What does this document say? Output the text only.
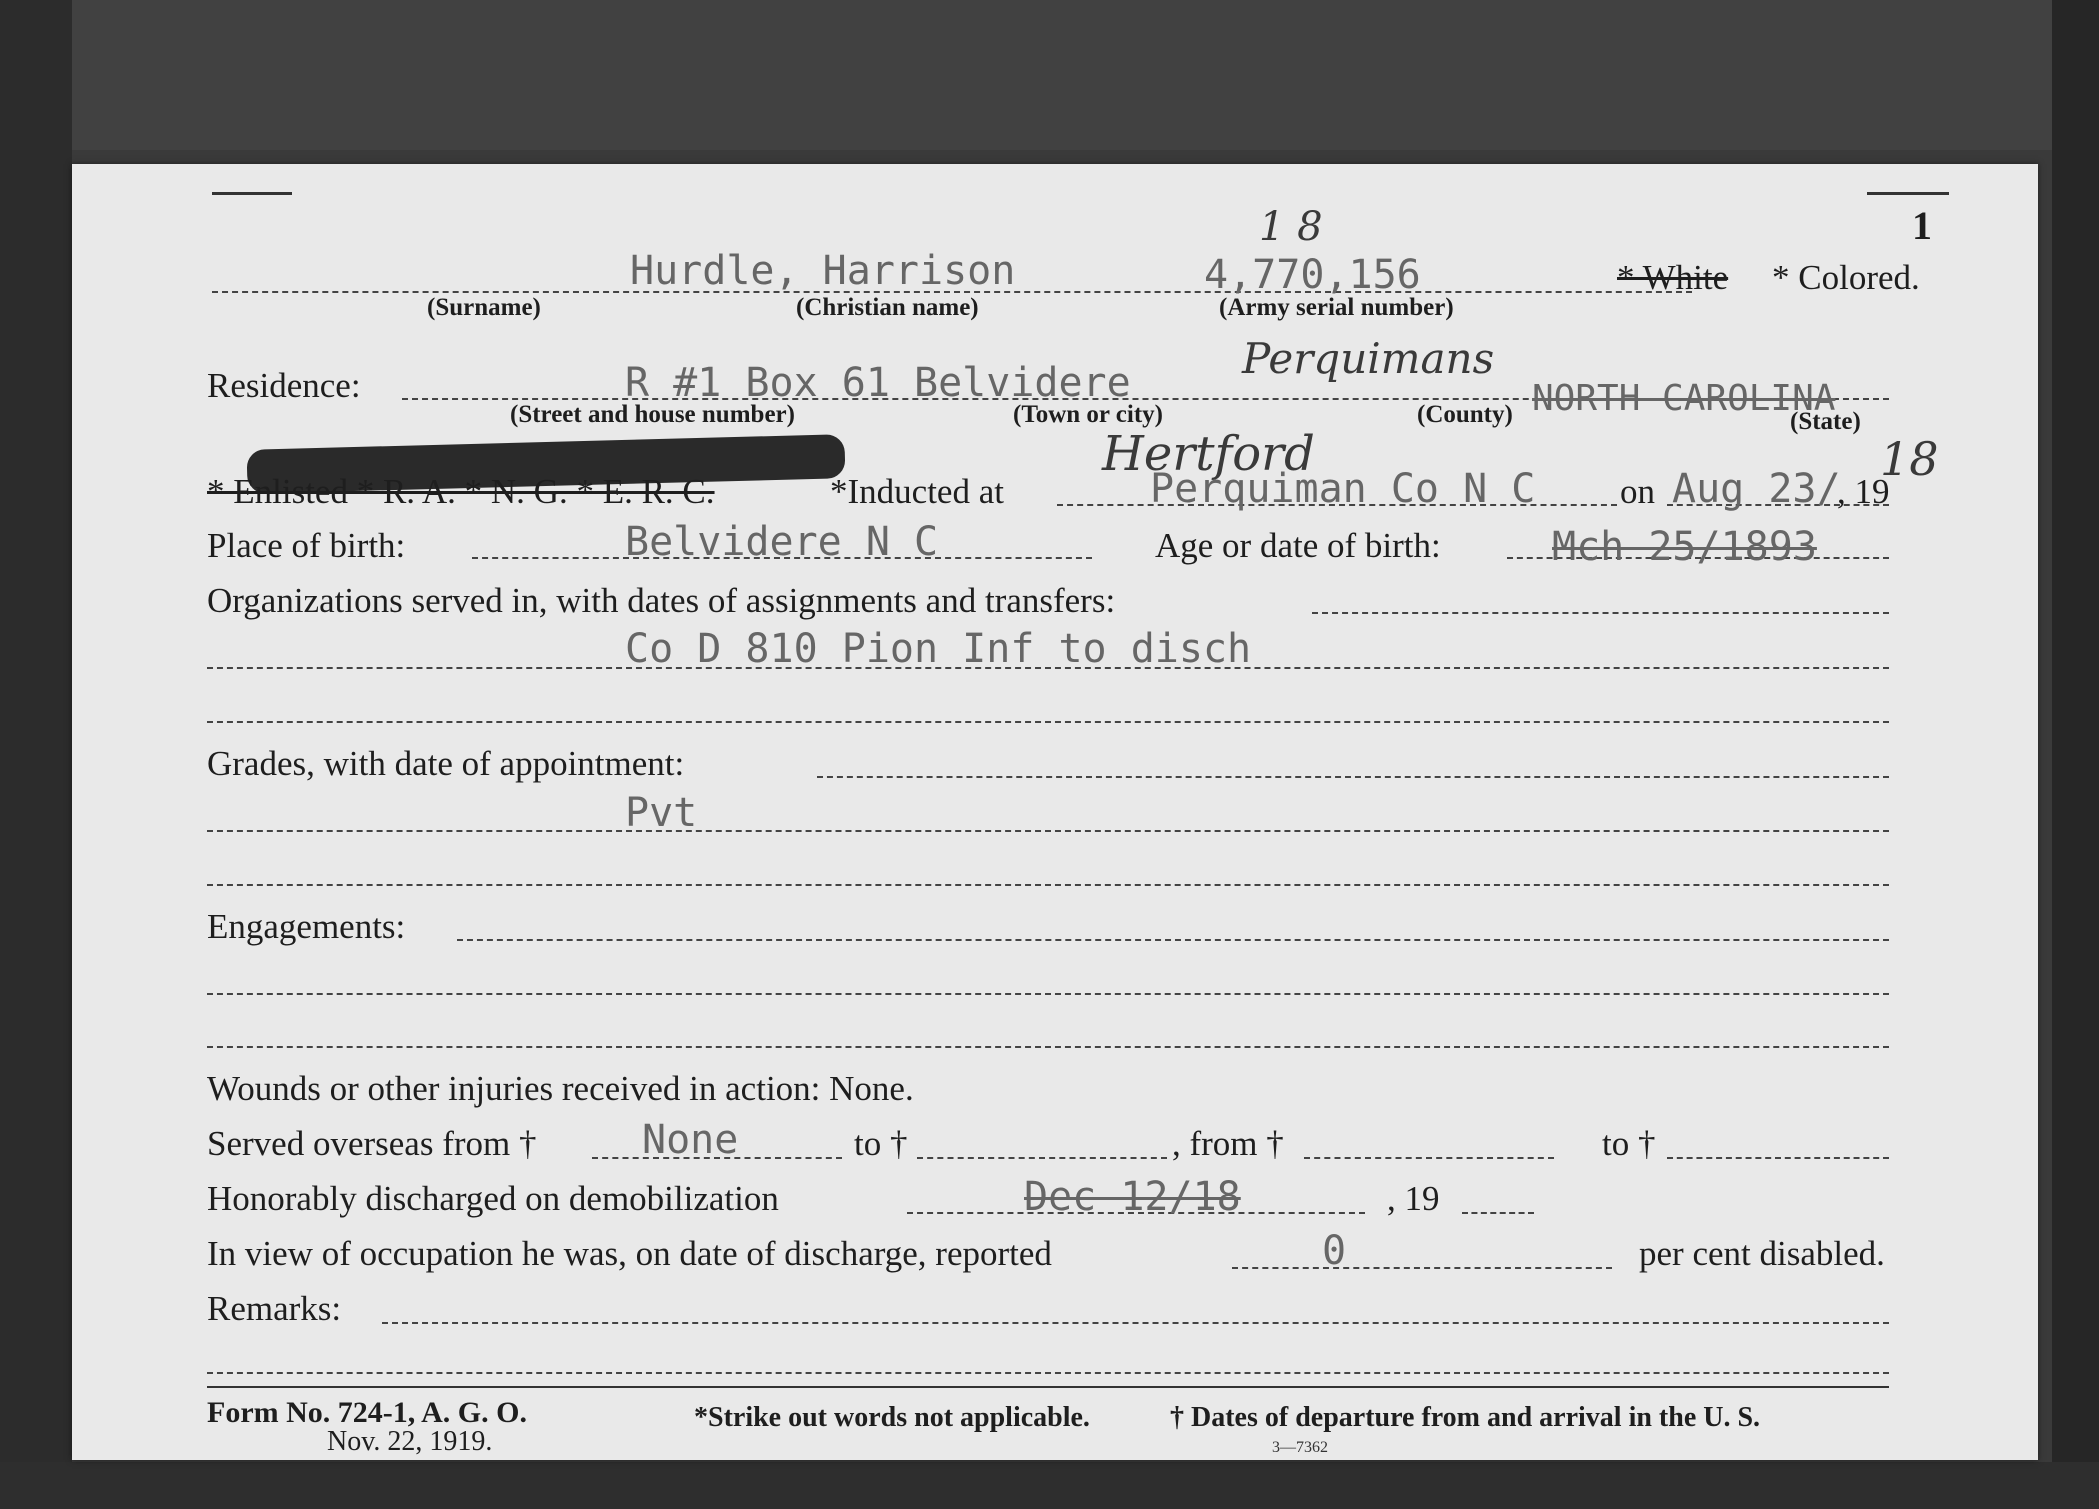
1
Hurdle, Harrison	4,770,156
1 8
(Surname)	(Christian name)	(Army serial number)
* White * Colored.
Residence:	R #1 Box 61 Belvidere	Perquimans
NORTH CAROLINA
(Street and house number)	(Town or city)	(County)	(State)
* Enlisted * R. A. * N. G. * E. R. C.	*Inducted at
Hertford
Perquiman Co N C on Aug 23/
, 19
18
Place of birth:	Belvidere N C	Age or date of birth:	Mch 25/1893
Organizations served in, with dates of assignments and transfers:
Co D 810 Pion Inf to disch
Grades, with date of appointment:
Pvt
Engagements:
Wounds or other injuries received in action: None.
Served overseas from †	None	to †	, from †	to †
Honorably discharged on demobilization	Dec 12/18	, 19
In view of occupation he was, on date of discharge, reported	0	per cent disabled.
Remarks:
Form No. 724-1, A. G. O.
Nov. 22, 1919.
*Strike out words not applicable.	† Dates of departure from and arrival in the U. S.
3—7362
